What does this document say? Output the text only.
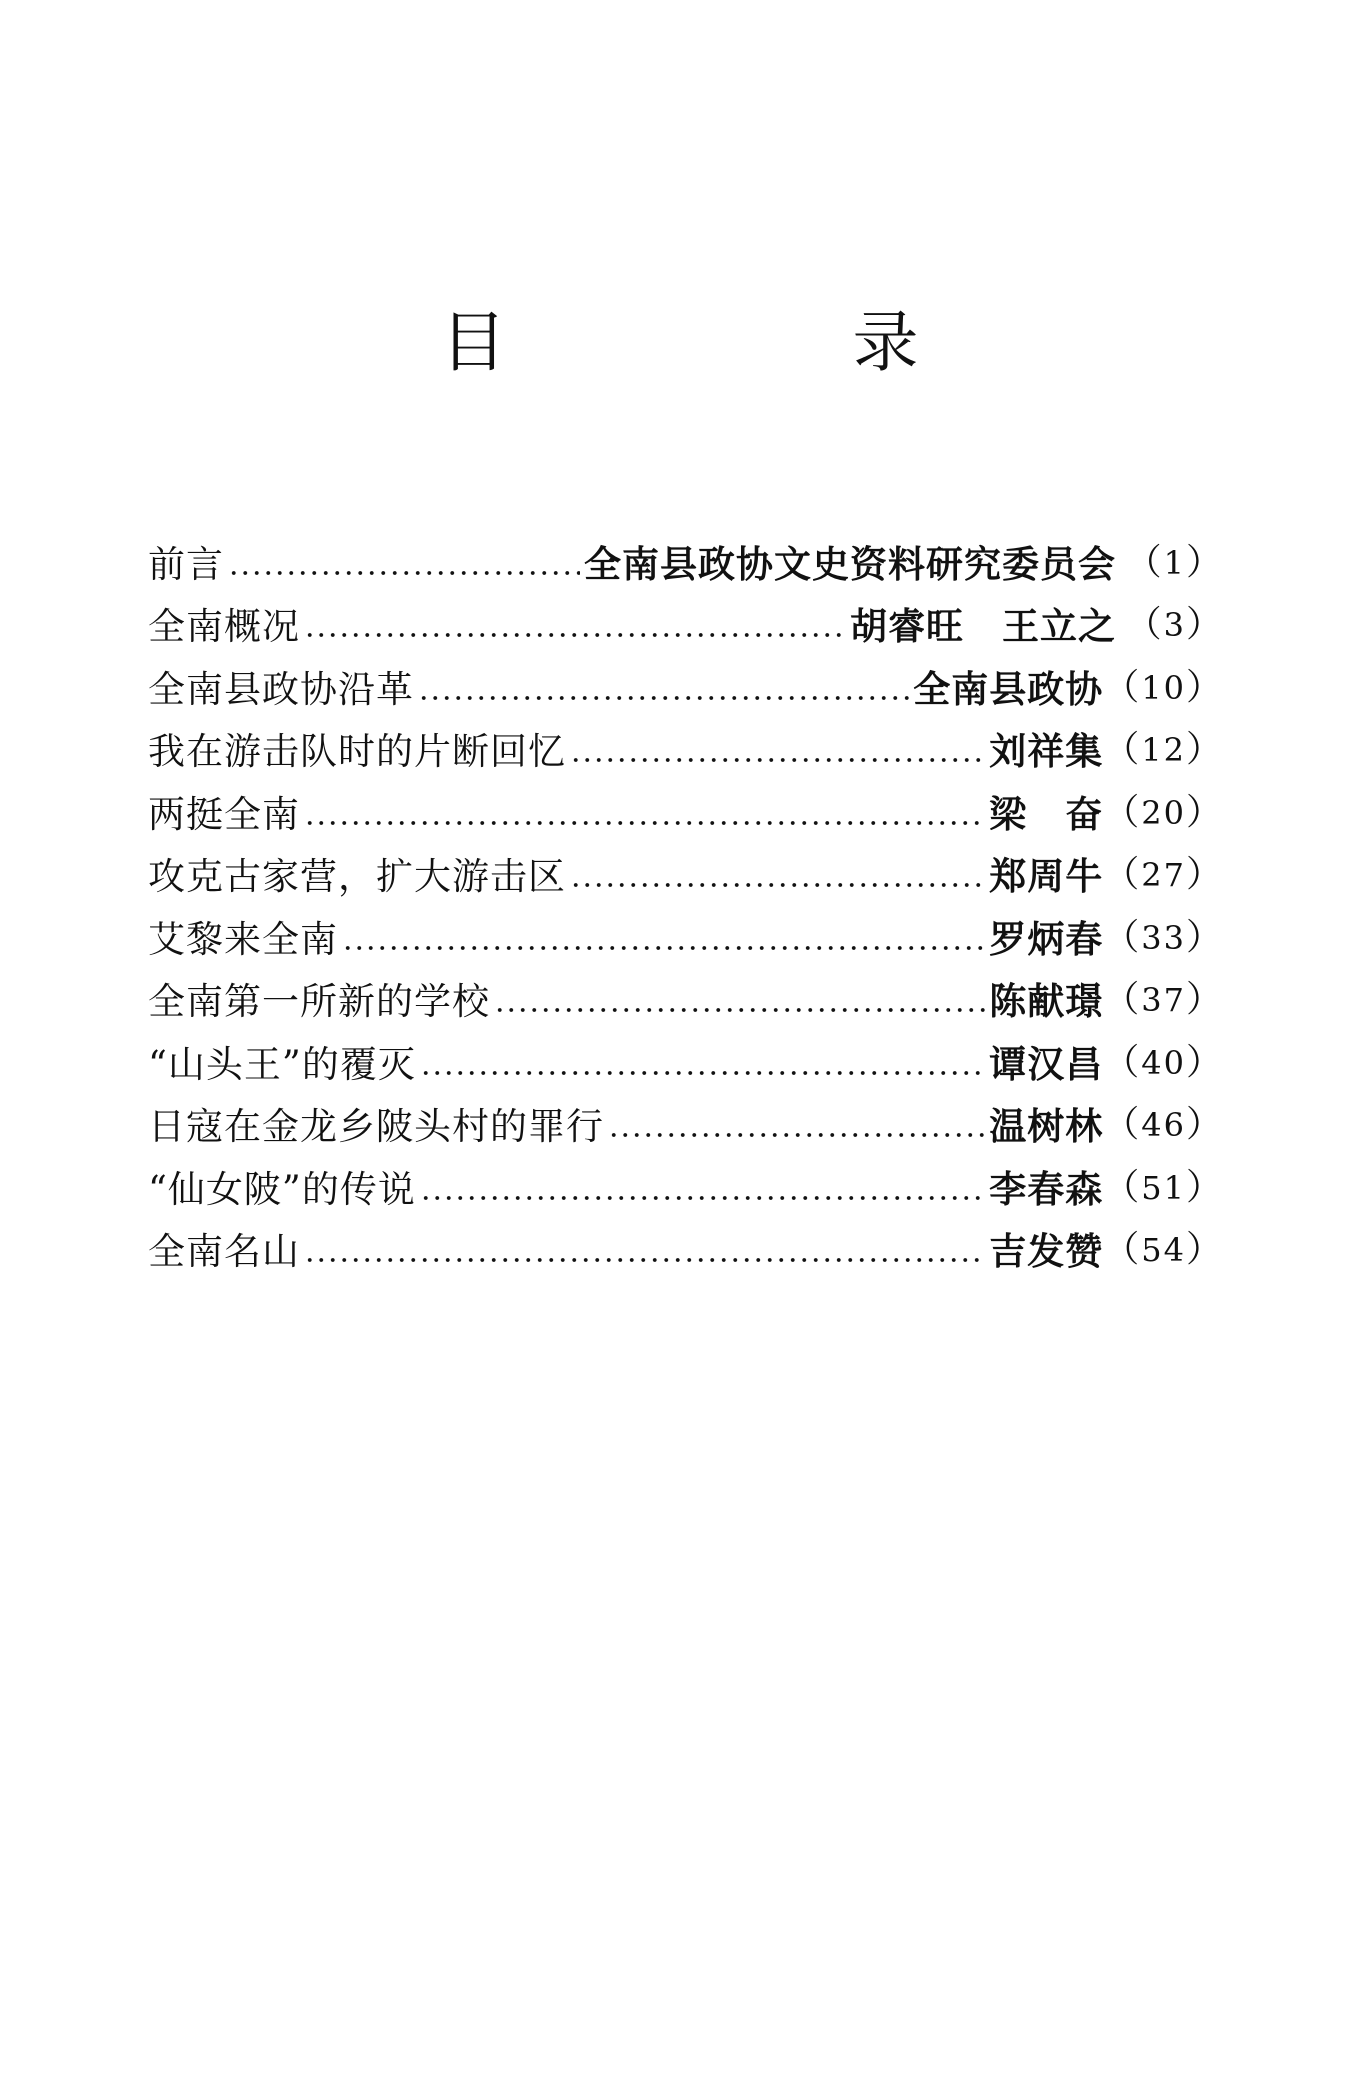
目　录
前言	全南县政协文史资料研究委员会 （1）
全南概况	胡睿旺　王立之 （3）
全南县政协沿革	全南县政协 （10）
我在游击队时的片断回忆	刘祥集 （12）
两挺全南	梁　奋 （20）
攻克古家营，扩大游击区	郑周牛 （27）
艾黎来全南	罗炳春 （33）
全南第一所新的学校	陈献璟 （37）
“山头王”的覆灭	谭汉昌 （40）
日寇在金龙乡陂头村的罪行	温树林 （46）
“仙女陂”的传说	李春森 （51）
全南名山	吉发赞 （54）
